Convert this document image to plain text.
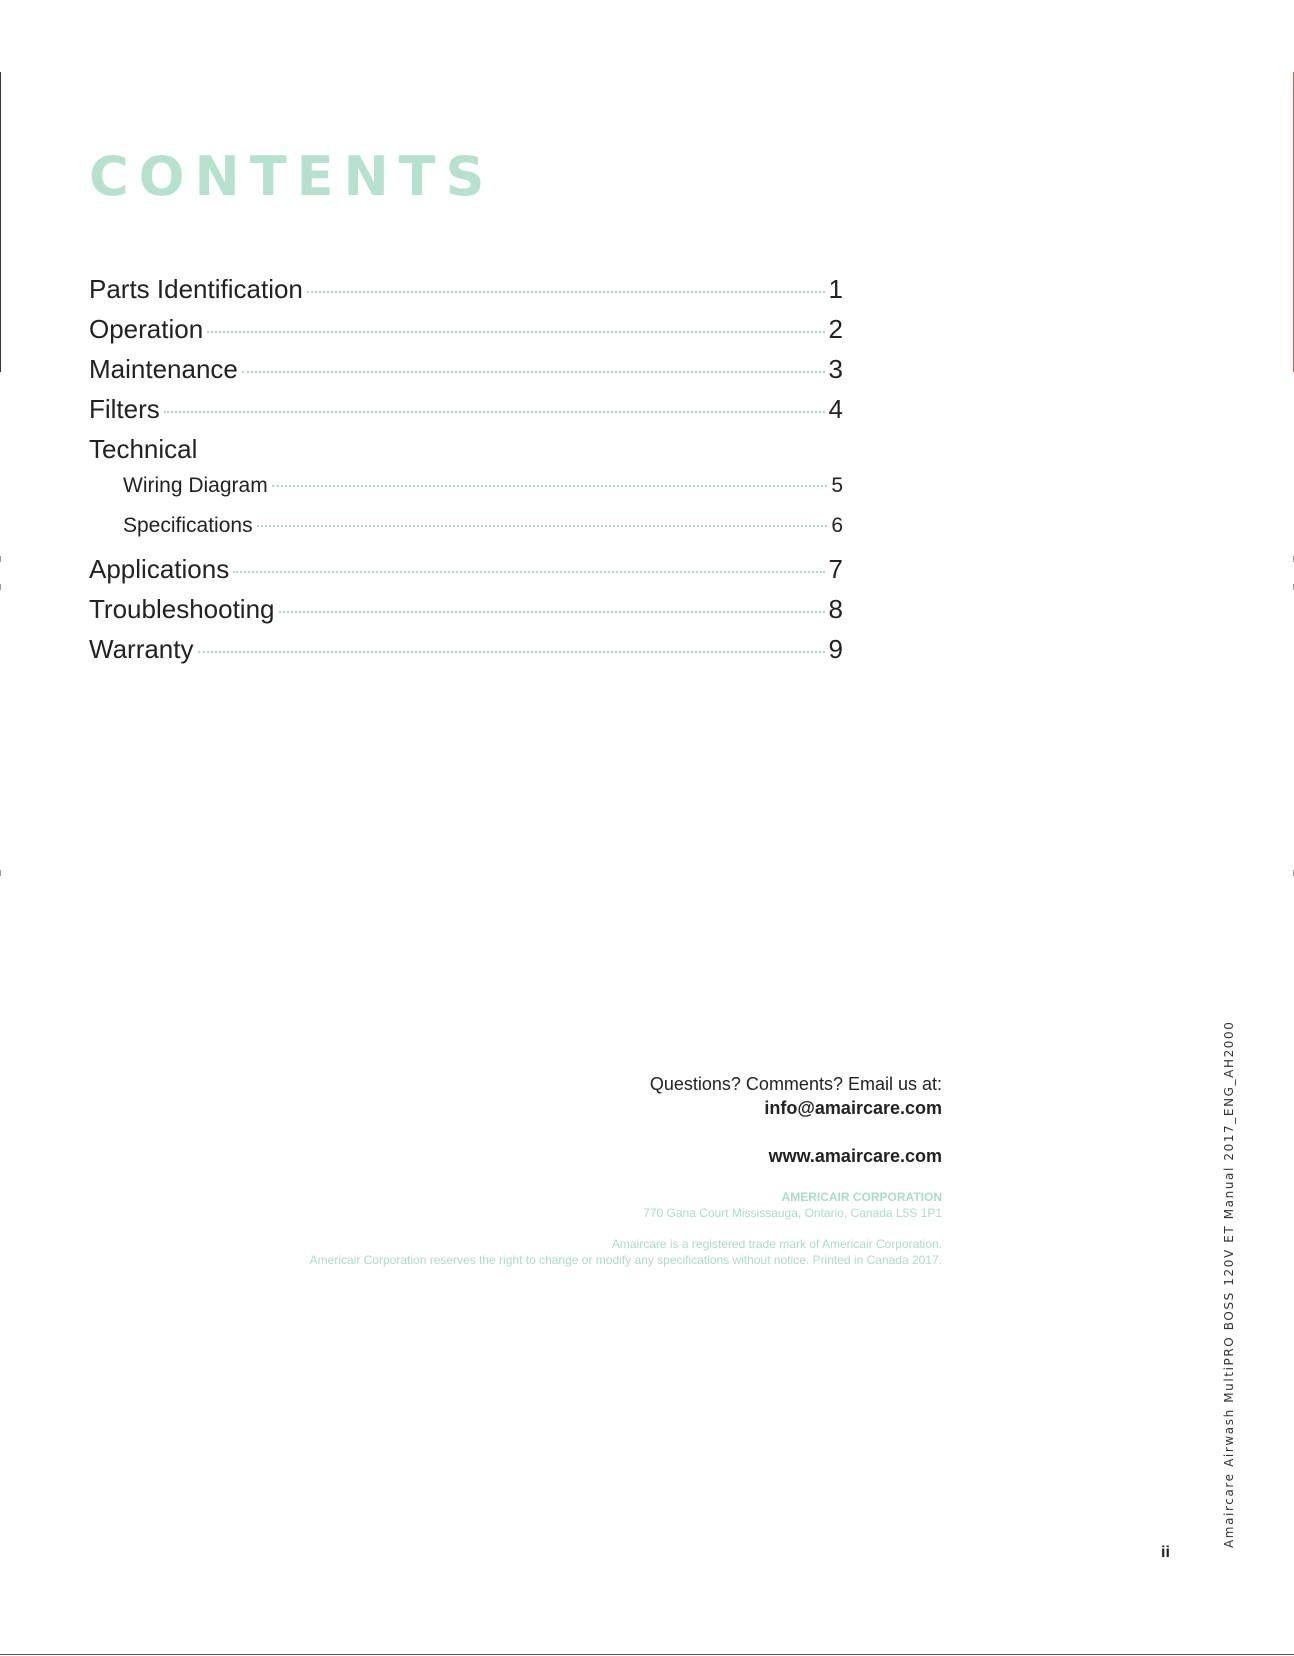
CONTENTS
Parts Identification	1
Operation	2
Maintenance	3
Filters	4
Technical
Wiring Diagram	5
Specifications	6
Applications	7
Troubleshooting	8
Warranty	9
Questions? Comments? Email us at:
info@amaircare.com
www.amaircare.com
AMERICAIR CORPORATION
770 Gana Court Mississauga, Ontario, Canada L5S 1P1
Amaircare is a registered trade mark of Americair Corporation.
Americair Corporation reserves the right to change or modify any specifications without notice. Printed in Canada 2017.	Amaircare Airwash MultiPRO BOSS 120V ET Manual 2017_ENG_AH2000
ii
